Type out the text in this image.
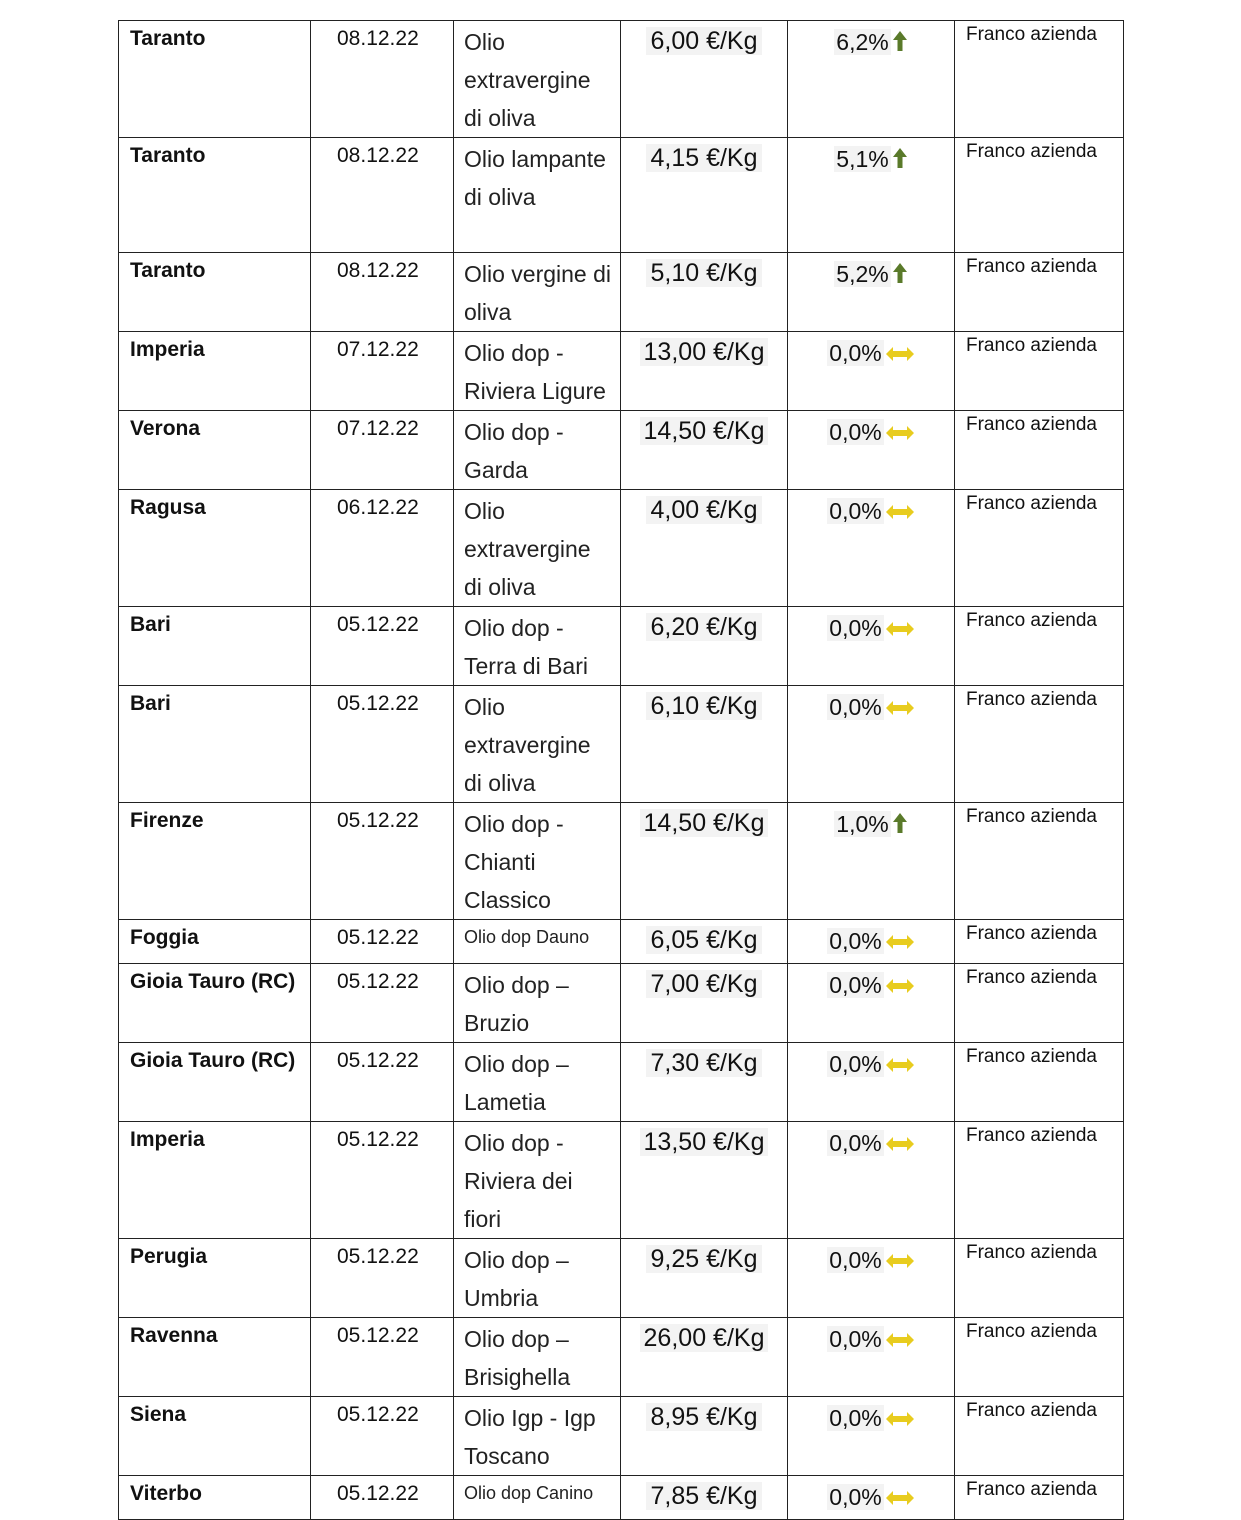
Taranto	08.12.22	Olio extravergine di oliva	6,00 €/Kg	6,2%	Franco azienda
Taranto	08.12.22	Olio lampante di oliva	4,15 €/Kg	5,1%	Franco azienda
Taranto	08.12.22	Olio vergine di oliva	5,10 €/Kg	5,2%	Franco azienda
Imperia	07.12.22	Olio dop - Riviera Ligure	13,00 €/Kg	0,0%	Franco azienda
Verona	07.12.22	Olio dop - Garda	14,50 €/Kg	0,0%	Franco azienda
Ragusa	06.12.22	Olio extravergine di oliva	4,00 €/Kg	0,0%	Franco azienda
Bari	05.12.22	Olio dop - Terra di Bari	6,20 €/Kg	0,0%	Franco azienda
Bari	05.12.22	Olio extravergine di oliva	6,10 €/Kg	0,0%	Franco azienda
Firenze	05.12.22	Olio dop - Chianti Classico	14,50 €/Kg	1,0%	Franco azienda
Foggia	05.12.22	Olio dop Dauno	6,05 €/Kg	0,0%	Franco azienda
Gioia Tauro (RC)	05.12.22	Olio dop – Bruzio	7,00 €/Kg	0,0%	Franco azienda
Gioia Tauro (RC)	05.12.22	Olio dop – Lametia	7,30 €/Kg	0,0%	Franco azienda
Imperia	05.12.22	Olio dop - Riviera dei fiori	13,50 €/Kg	0,0%	Franco azienda
Perugia	05.12.22	Olio dop – Umbria	9,25 €/Kg	0,0%	Franco azienda
Ravenna	05.12.22	Olio dop – Brisighella	26,00 €/Kg	0,0%	Franco azienda
Siena	05.12.22	Olio Igp - Igp Toscano	8,95 €/Kg	0,0%	Franco azienda
Viterbo	05.12.22	Olio dop Canino	7,85 €/Kg	0,0%	Franco azienda
